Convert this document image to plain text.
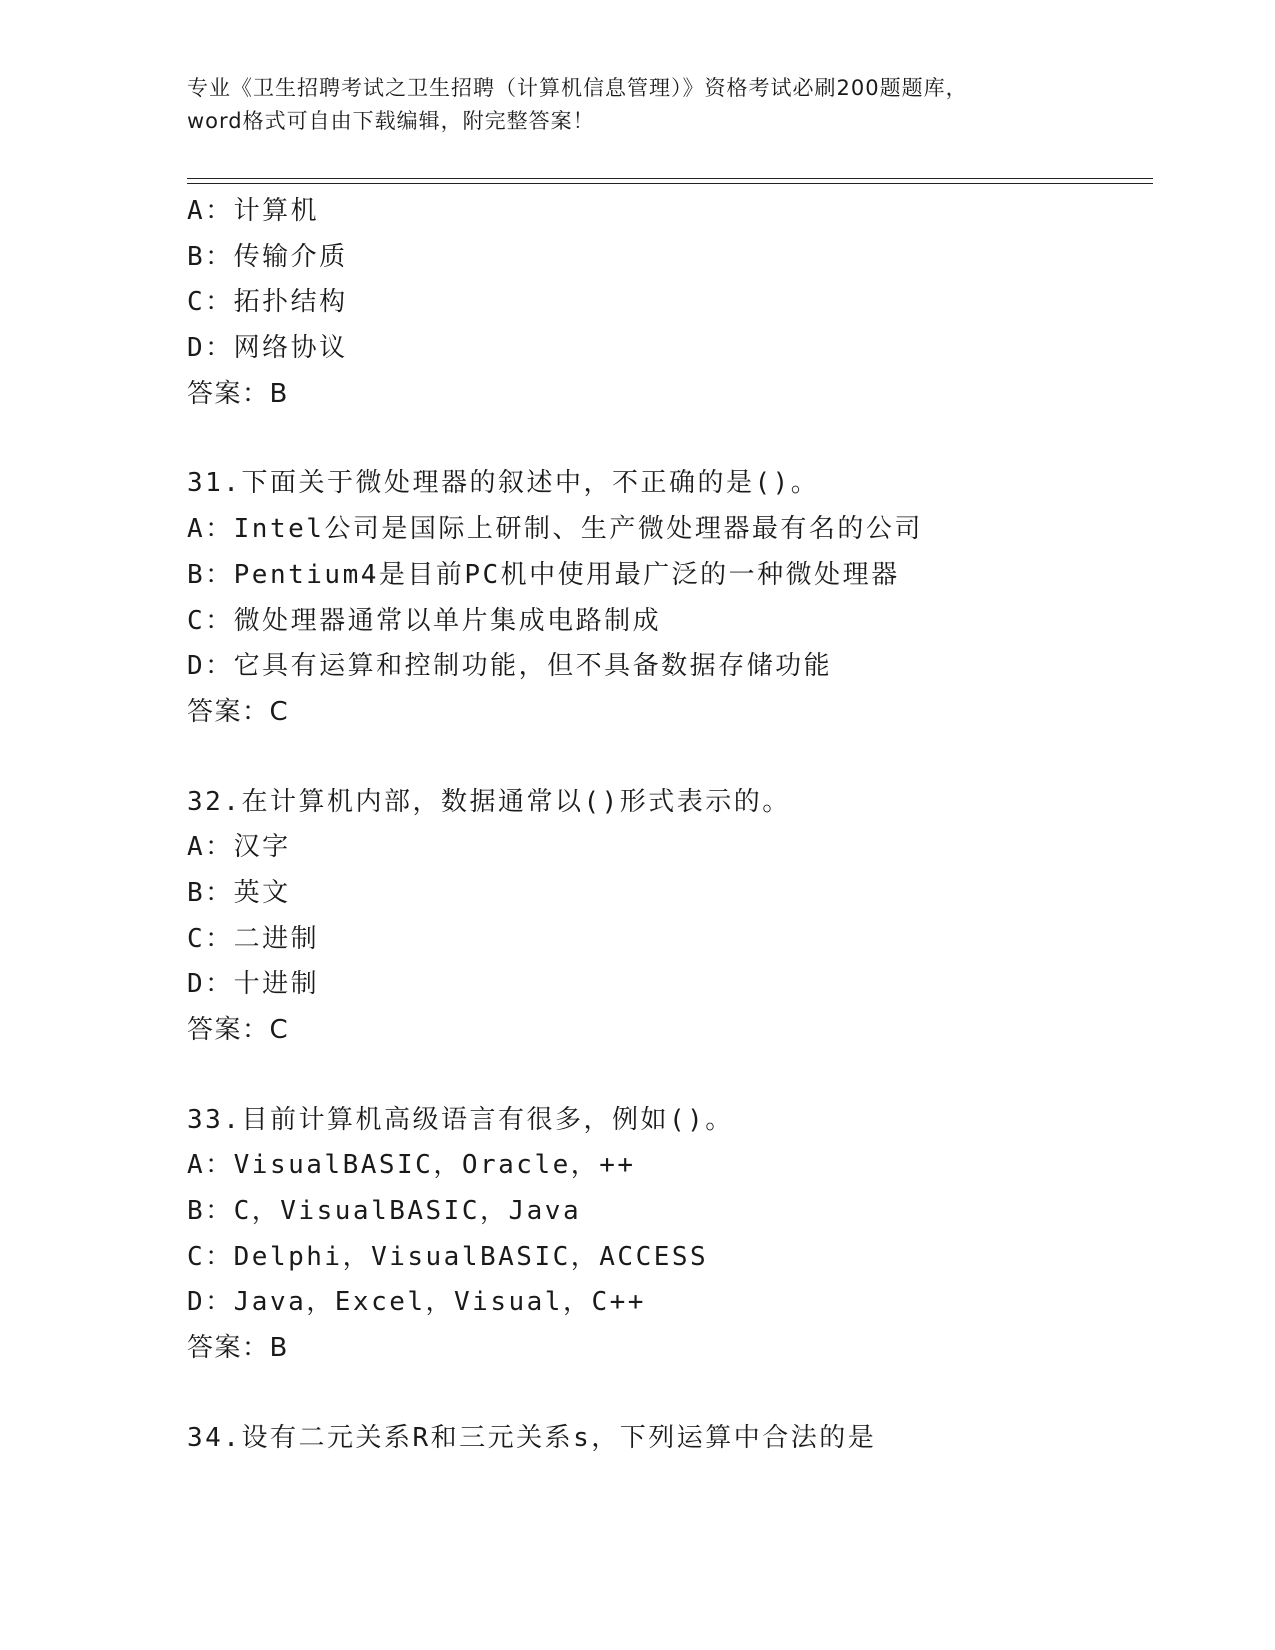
专业《卫生招聘考试之卫生招聘（计算机信息管理）》资格考试必刷200题题库，

word格式可自由下载编辑，附完整答案！

A：计算机
B：传输介质
C：拓扑结构
D：网络协议
答案：B
31.下面关于微处理器的叙述中，不正确的是()。
A：Intel公司是国际上研制、生产微处理器最有名的公司
B：Pentium4是目前PC机中使用最广泛的一种微处理器
C：微处理器通常以单片集成电路制成
D：它具有运算和控制功能，但不具备数据存储功能
答案：C
32.在计算机内部，数据通常以()形式表示的。
A：汉字
B：英文
C：二进制
D：十进制
答案：C
33.目前计算机高级语言有很多，例如()。
A：VisualBASIC，Oracle，++
B：C，VisualBASIC，Java
C：Delphi，VisualBASIC，ACCESS
D：Java，Excel，Visual，C++
答案：B
34.设有二元关系R和三元关系s，下列运算中合法的是
